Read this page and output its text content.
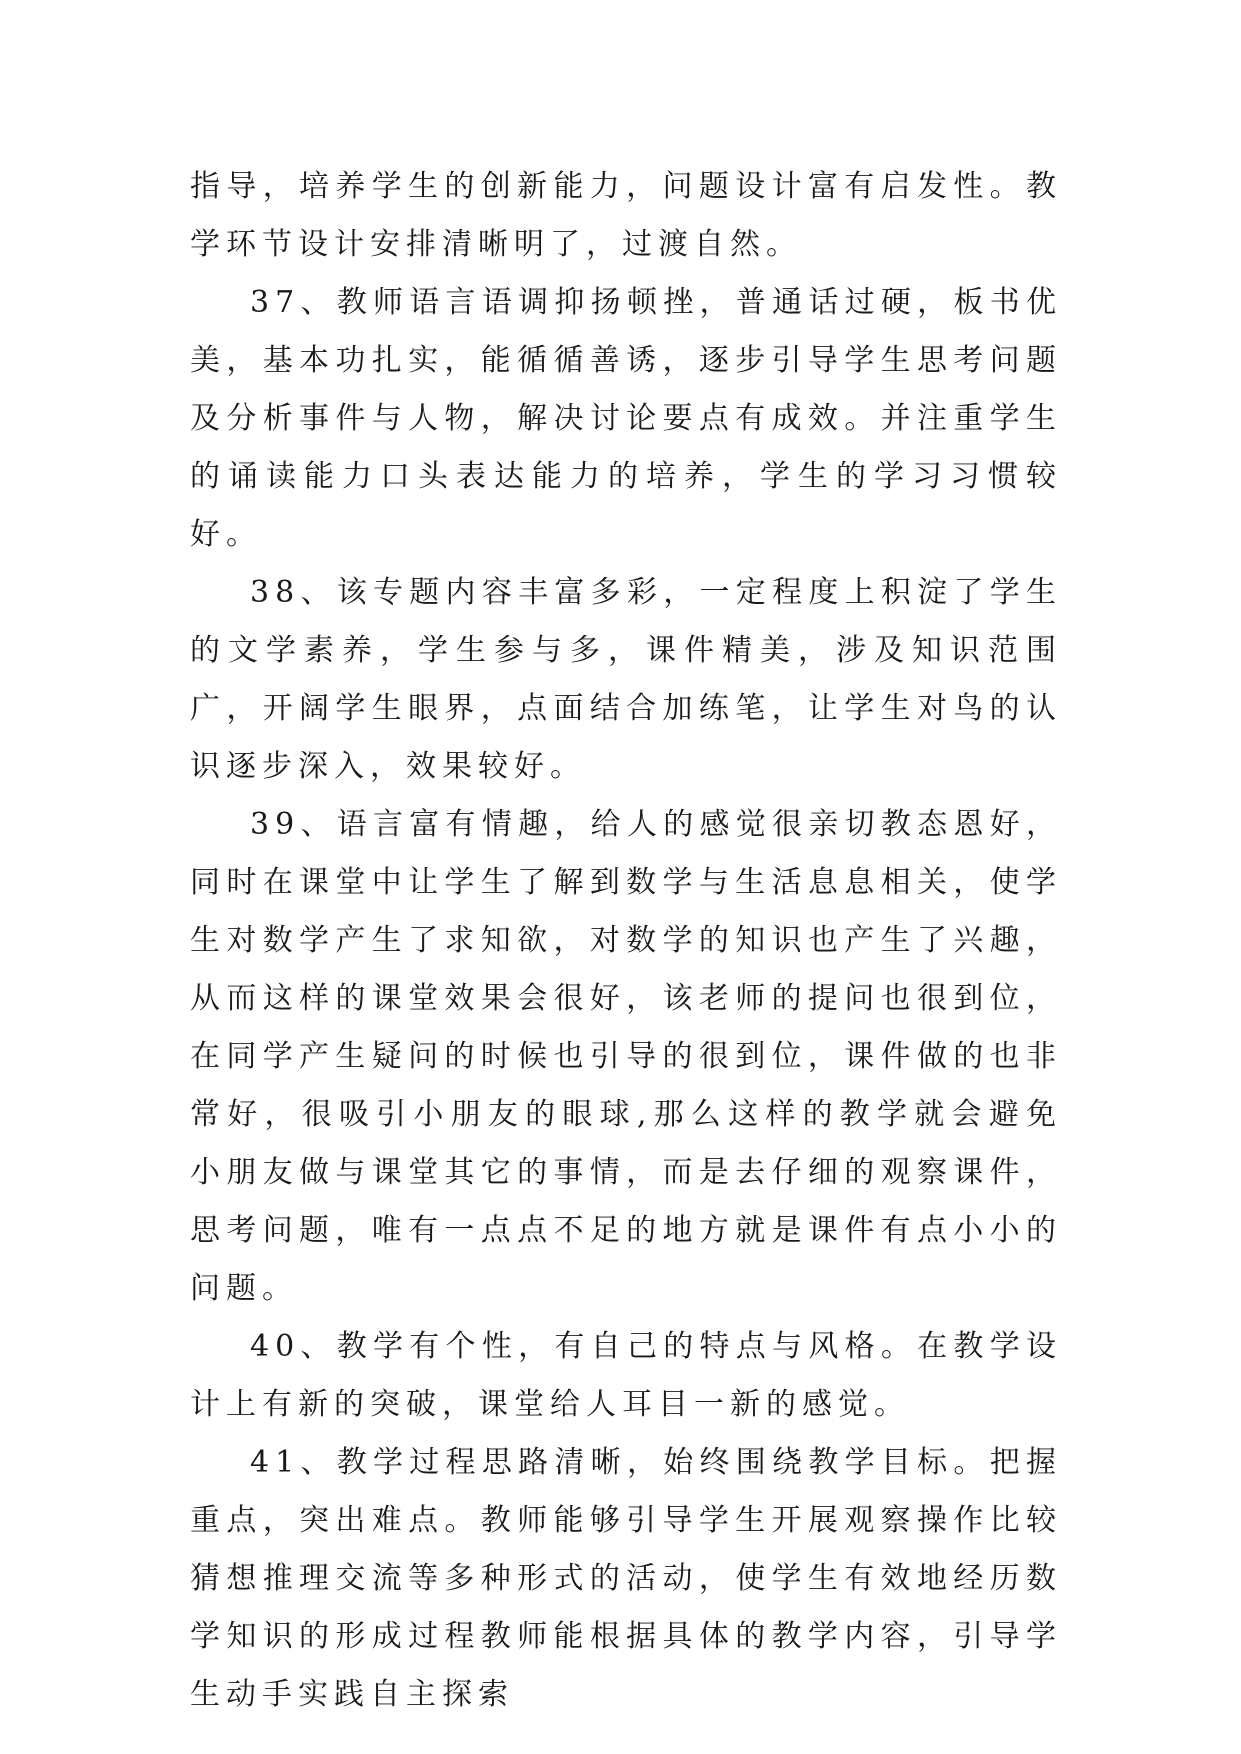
指导，培养学生的创新能力，问题设计富有启发性。教学环节设计安排清晰明了，过渡自然。

37、教师语言语调抑扬顿挫，普通话过硬，板书优美，基本功扎实，能循循善诱，逐步引导学生思考问题及分析事件与人物，解决讨论要点有成效。并注重学生的诵读能力口头表达能力的培养，学生的学习习惯较好。

38、该专题内容丰富多彩，一定程度上积淀了学生的文学素养，学生参与多，课件精美，涉及知识范围广，开阔学生眼界，点面结合加练笔，让学生对鸟的认识逐步深入，效果较好。

39、语言富有情趣，给人的感觉很亲切教态恩好，同时在课堂中让学生了解到数学与生活息息相关，使学生对数学产生了求知欲，对数学的知识也产生了兴趣，从而这样的课堂效果会很好，该老师的提问也很到位，在同学产生疑问的时候也引导的很到位，课件做的也非常好，很吸引小朋友的眼球,那么这样的教学就会避免小朋友做与课堂其它的事情，而是去仔细的观察课件，思考问题，唯有一点点不足的地方就是课件有点小小的问题。

40、教学有个性，有自己的特点与风格。在教学设计上有新的突破，课堂给人耳目一新的感觉。

41、教学过程思路清晰，始终围绕教学目标。把握重点，突出难点。教师能够引导学生开展观察操作比较猜想推理交流等多种形式的活动，使学生有效地经历数学知识的形成过程教师能根据具体的教学内容，引导学生动手实践自主探索
